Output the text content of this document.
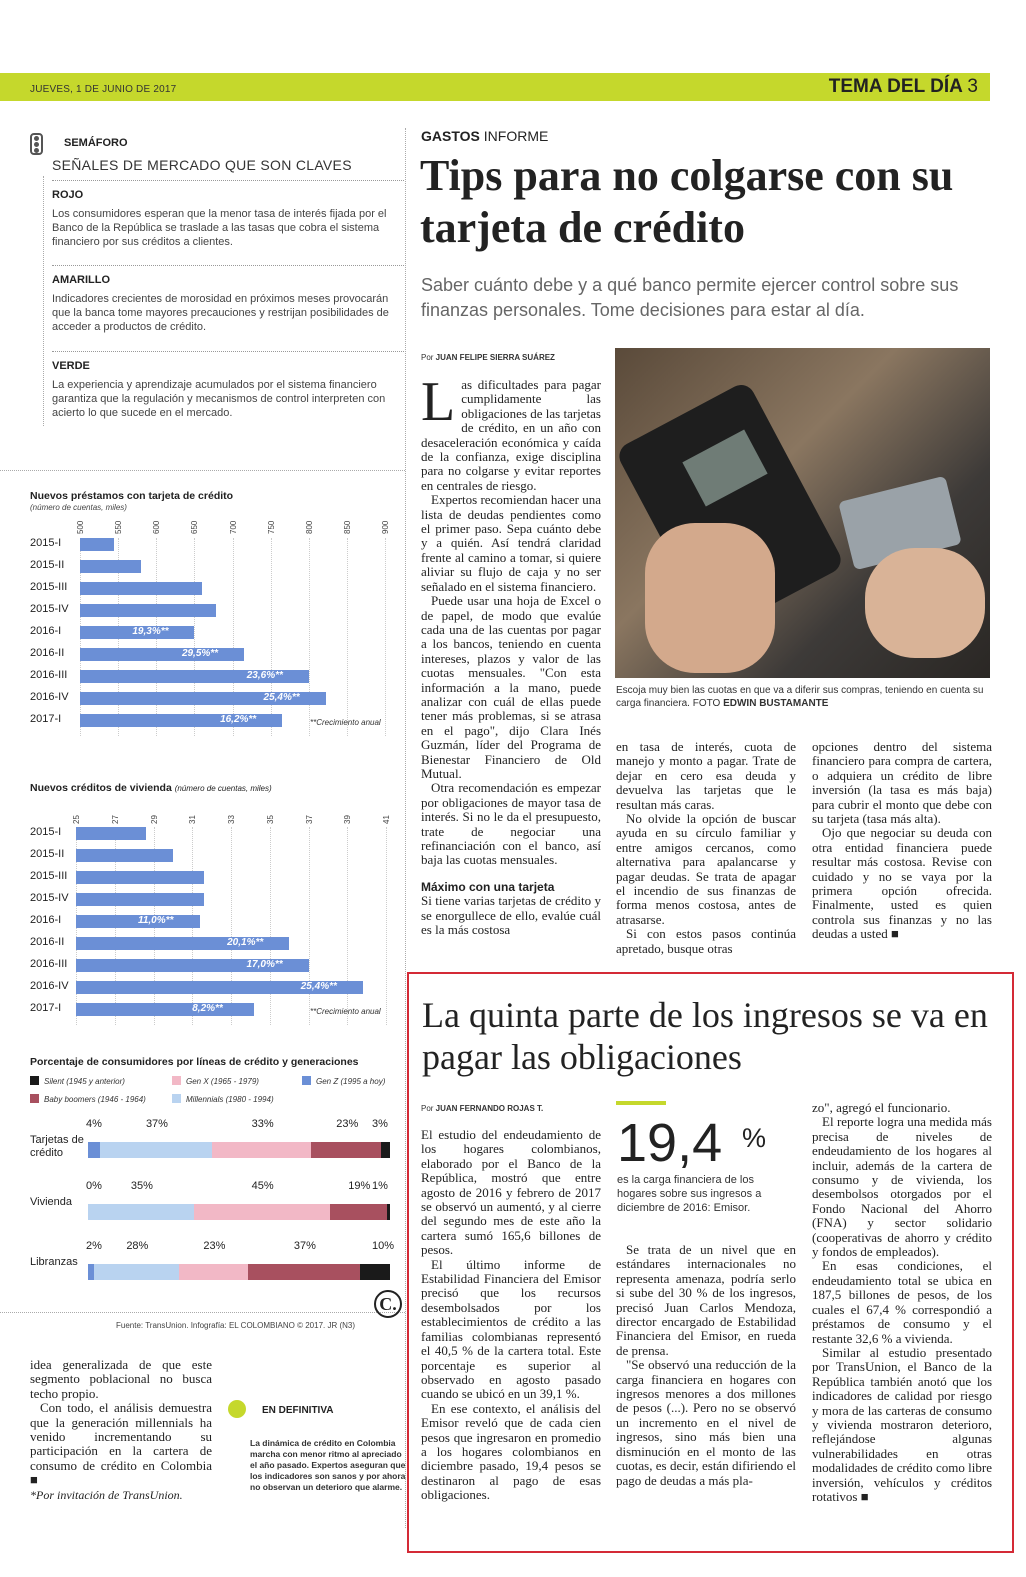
JUEVES, 1 DE JUNIO DE 2017	TEMA DEL DÍA 3
SEMÁFORO
SEÑALES DE MERCADO QUE SON CLAVES
ROJO
Los consumidores esperan que la menor tasa de interés fijada por el Banco de la República se traslade a las tasas que cobra el sistema financiero por sus créditos a clientes.
AMARILLO
Indicadores crecientes de morosidad en próximos meses provocarán que la banca tome mayores precauciones y restrijan posibilidades de acceder a productos de crédito.
VERDE
La experiencia y aprendizaje acumulados por el sistema financiero garantiza que la regulación y mecanismos de control interpreten con acierto lo que sucede en el mercado.
Nuevos préstamos con tarjeta de crédito
(número de cuentas, miles)
500	550	600	650	700	750	800	850	900
2015-I
2015-II
2015-III
2015-IV
2016-I	19,3%**
2016-II	29,5%**
2016-III	23,6%**
2016-IV	25,4%**
2017-I	16,2%**	**Crecimiento anual
Nuevos créditos de vivienda (número de cuentas, miles)
25	27	29	31	33	35	37	39	41
2015-I
2015-II
2015-III
2015-IV
2016-I	11,0%**
2016-II	20,1%**
2016-III	17,0%**
2016-IV	25,4%**
2017-I	8,2%**	**Crecimiento anual
Porcentaje de consumidores por líneas de crédito y generaciones
Silent (1945 y anterior)	Gen X (1965 - 1979)	Gen Z (1995 a hoy)
Baby boomers (1946 - 1964)	Millennials (1980 - 1994)
Tarjetas de crédito
4%	37%	33%	23% 3%
Vivienda
0%	35%	45%	19% 1%
Libranzas
2% 28%	23%	37%	10%
Fuente: TransUnion. Infografía: EL COLOMBIANO © 2017. JR (N3)
C.

idea generalizada de que este segmento poblacional no busca techo propio.

Con todo, el análisis demuestra que la generación millennials ha venido incrementando su participación en la cartera de consumo de crédito en Colombia ■

*Por invitación de TransUnion.

EN DEFINITIVA
La dinámica de crédito en Colombia marcha con menor ritmo al apreciado el año pasado. Expertos aseguran que los indicadores son sanos y por ahora no observan un deterioro que alarme.
GASTOS INFORME
Tips para no colgarse con su tarjeta de crédito
Saber cuánto debe y a qué banco permite ejercer control sobre sus finanzas personales. Tome decisiones para estar al día.
Por JUAN FELIPE SIERRA SUÁREZ
Escoja muy bien las cuotas en que va a diferir sus compras, teniendo en cuenta su carga financiera. FOTO EDWIN BUSTAMANTE
L as dificultades para pagar cumplidamente las obligaciones de las tarjetas de crédito, en un año con desaceleración económica y caída de la confianza, exige disciplina para no colgarse y evitar reportes en centrales de riesgo.

Expertos recomiendan hacer una lista de deudas pendientes como el primer paso. Sepa cuánto debe y a quién. Así tendrá claridad frente al camino a tomar, si quiere aliviar su flujo de caja y no ser señalado en el sistema financiero.

Puede usar una hoja de Excel o de papel, de modo que evalúe cada una de las cuentas por pagar a los bancos, teniendo en cuenta intereses, plazos y valor de las cuotas mensuales. "Con esta información a la mano, puede analizar con cuál de ellas puede tener más problemas, si se atrasa en el pago", dijo Clara Inés Guzmán, líder del Programa de Bienestar Financiero de Old Mutual.

Otra recomendación es empezar por obligaciones de mayor tasa de interés. Si no le da el presupuesto, trate de negociar una refinanciación con el banco, así baja las cuotas mensuales.

Máximo con una tarjeta

Si tiene varias tarjetas de crédito y se enorgullece de ello, evalúe cuál es la más costosa

en tasa de interés, cuota de manejo y monto a pagar. Trate de dejar en cero esa deuda y devuelva las tarjetas que le resultan más caras.

No olvide la opción de buscar ayuda en su círculo familiar y entre amigos cercanos, como alternativa para apalancarse y pagar deudas. Se trata de apagar el incendio de sus finanzas de forma menos costosa, antes de atrasarse.

Si con estos pasos continúa apretado, busque otras

opciones dentro del sistema financiero para compra de cartera, o adquiera un crédito de libre inversión (la tasa es más baja) para cubrir el monto que debe con su tarjeta (tasa más alta).

Ojo que negociar su deuda con otra entidad financiera puede resultar más costosa. Revise con cuidado y no se vaya por la primera opción ofrecida. Finalmente, usted es quien controla sus finanzas y no las deudas a usted ■

La quinta parte de los ingresos se va en pagar las obligaciones
Por JUAN FERNANDO ROJAS T.

El estudio del endeudamiento de los hogares colombianos, elaborado por el Banco de la República, mostró que entre agosto de 2016 y febrero de 2017 se observó un aumentó, y al cierre del segundo mes de este año la cartera sumó 165,6 billones de pesos.

El último informe de Estabilidad Financiera del Emisor precisó que los recursos desembolsados por los establecimientos de crédito a las familias colombianas representó el 40,5 % de la cartera total. Este porcentaje es superior al observado en agosto pasado cuando se ubicó en un 39,1 %.

En ese contexto, el análisis del Emisor reveló que de cada cien pesos que ingresaron en promedio a los hogares colombianos en diciembre pasado, 19,4 pesos se destinaron al pago de esas obligaciones.

19,4 %
es la carga financiera de los hogares sobre sus ingresos a diciembre de 2016: Emisor.

Se trata de un nivel que en estándares internacionales no representa amenaza, podría serlo si sube del 30 % de los ingresos, precisó Juan Carlos Mendoza, director encargado de Estabilidad Financiera del Emisor, en rueda de prensa.

"Se observó una reducción de la carga financiera en hogares con ingresos menores a dos millones de pesos (...). Pero no se observó un incremento en el nivel de ingresos, sino más bien una disminución en el monto de las cuotas, es decir, están difiriendo el pago de deudas a más pla-

zo", agregó el funcionario.

El reporte logra una medida más precisa de niveles de endeudamiento de los hogares al incluir, además de la cartera de consumo y de vivienda, los desembolsos otorgados por el Fondo Nacional del Ahorro (FNA) y sector solidario (cooperativas de ahorro y crédito y fondos de empleados).

En esas condiciones, el endeudamiento total se ubica en 187,5 billones de pesos, de los cuales el 67,4 % correspondió a préstamos de consumo y el restante 32,6 % a vivienda.

Similar al estudio presentado por TransUnion, el Banco de la República también anotó que los indicadores de calidad por riesgo y mora de las carteras de consumo y vivienda mostraron deterioro, reflejándose algunas vulnerabilidades en otras modalidades de crédito como libre inversión, vehículos y créditos rotativos ■
